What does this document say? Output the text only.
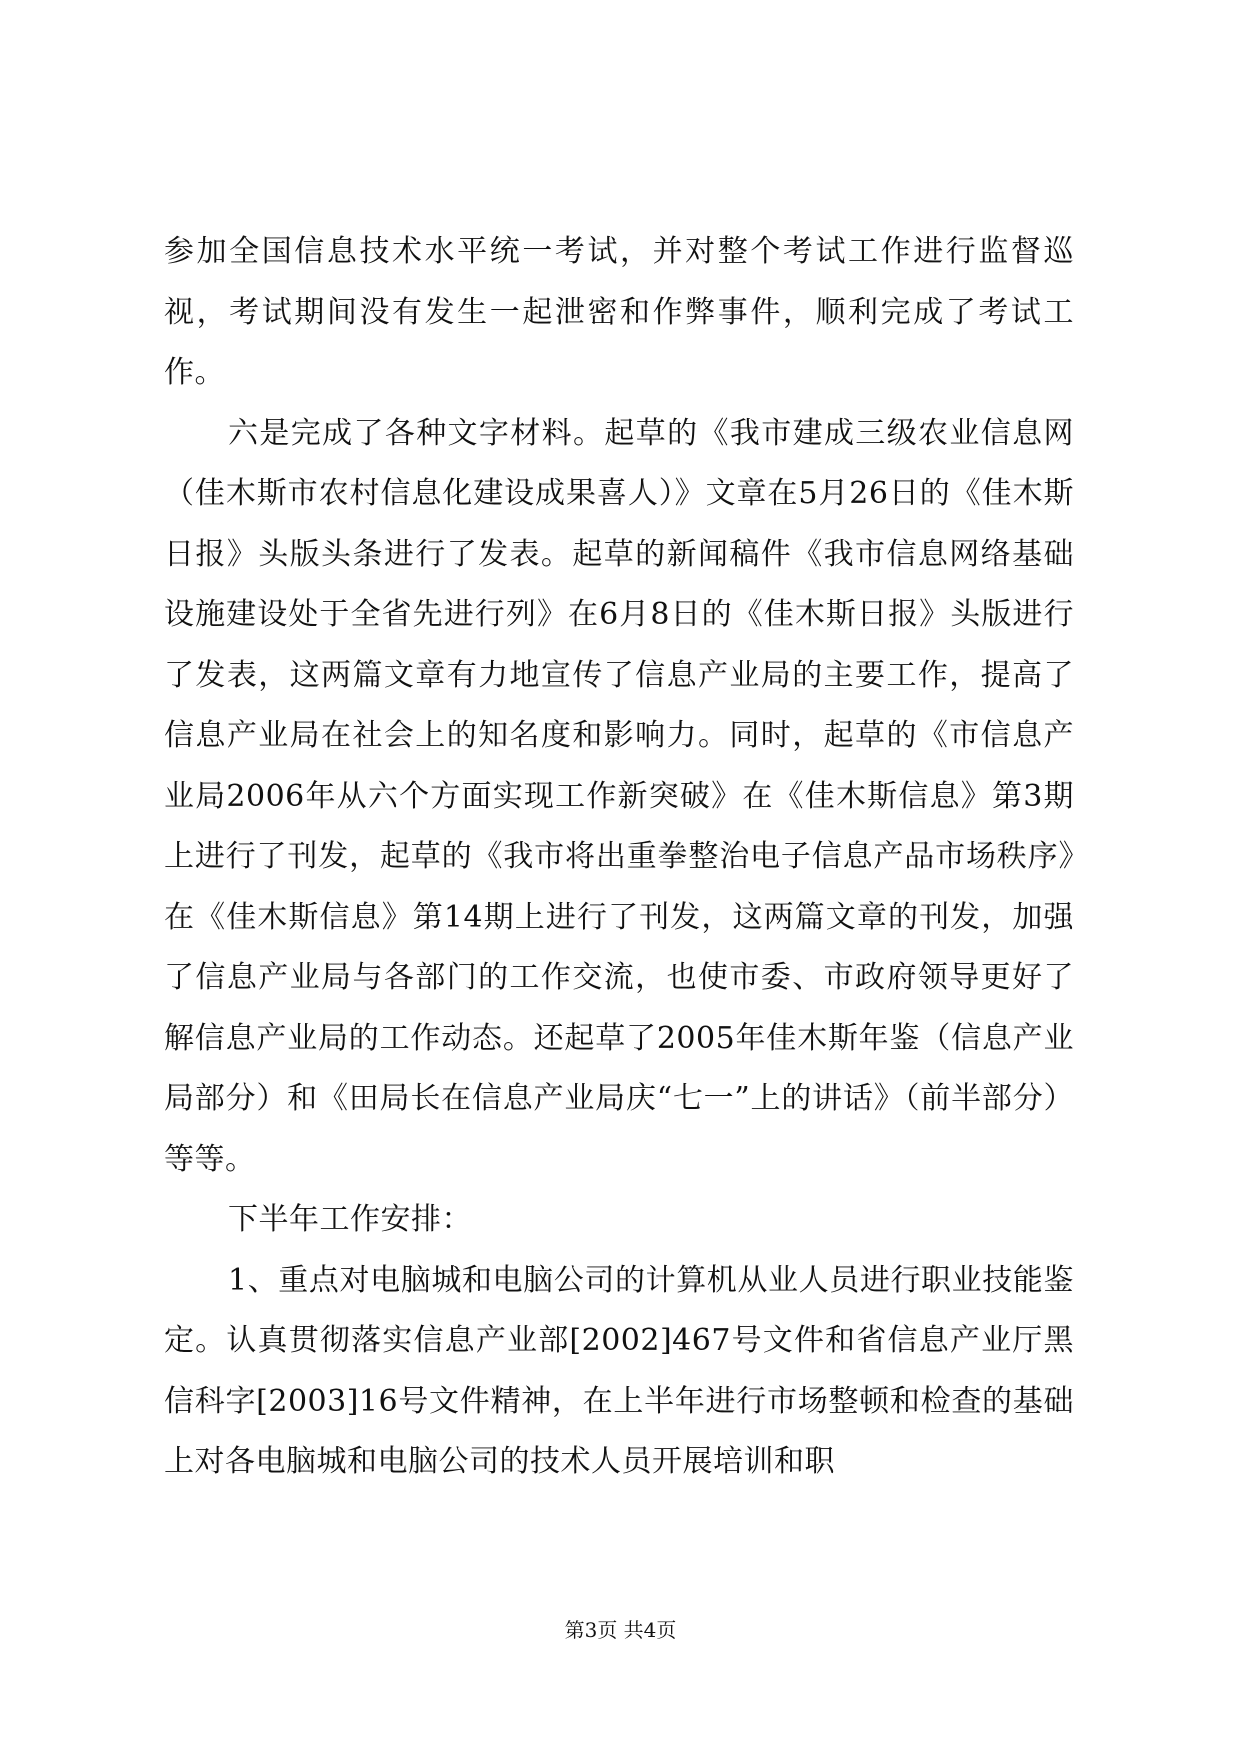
参加全国信息技术水平统一考试，并对整个考试工作进行监督巡视，考试期间没有发生一起泄密和作弊事件，顺利完成了考试工作。

六是完成了各种文字材料。起草的《我市建成三级农业信息网（佳木斯市农村信息化建设成果喜人）》文章在5月26日的《佳木斯日报》头版头条进行了发表。起草的新闻稿件《我市信息网络基础设施建设处于全省先进行列》在6月8日的《佳木斯日报》头版进行了发表，这两篇文章有力地宣传了信息产业局的主要工作，提高了信息产业局在社会上的知名度和影响力。同时，起草的《市信息产业局2006年从六个方面实现工作新突破》在《佳木斯信息》第3期上进行了刊发，起草的《我市将出重拳整治电子信息产品市场秩序》在《佳木斯信息》第14期上进行了刊发，这两篇文章的刊发，加强了信息产业局与各部门的工作交流，也使市委、市政府领导更好了解信息产业局的工作动态。还起草了2005年佳木斯年鉴（信息产业局部分）和《田局长在信息产业局庆“七一”上的讲话》（前半部分）等等。

下半年工作安排：

1、重点对电脑城和电脑公司的计算机从业人员进行职业技能鉴定。认真贯彻落实信息产业部[2002]467号文件和省信息产业厅黑信科字[2003]16号文件精神，在上半年进行市场整顿和检查的基础上对各电脑城和电脑公司的技术人员开展培训和职

第3页 共4页
